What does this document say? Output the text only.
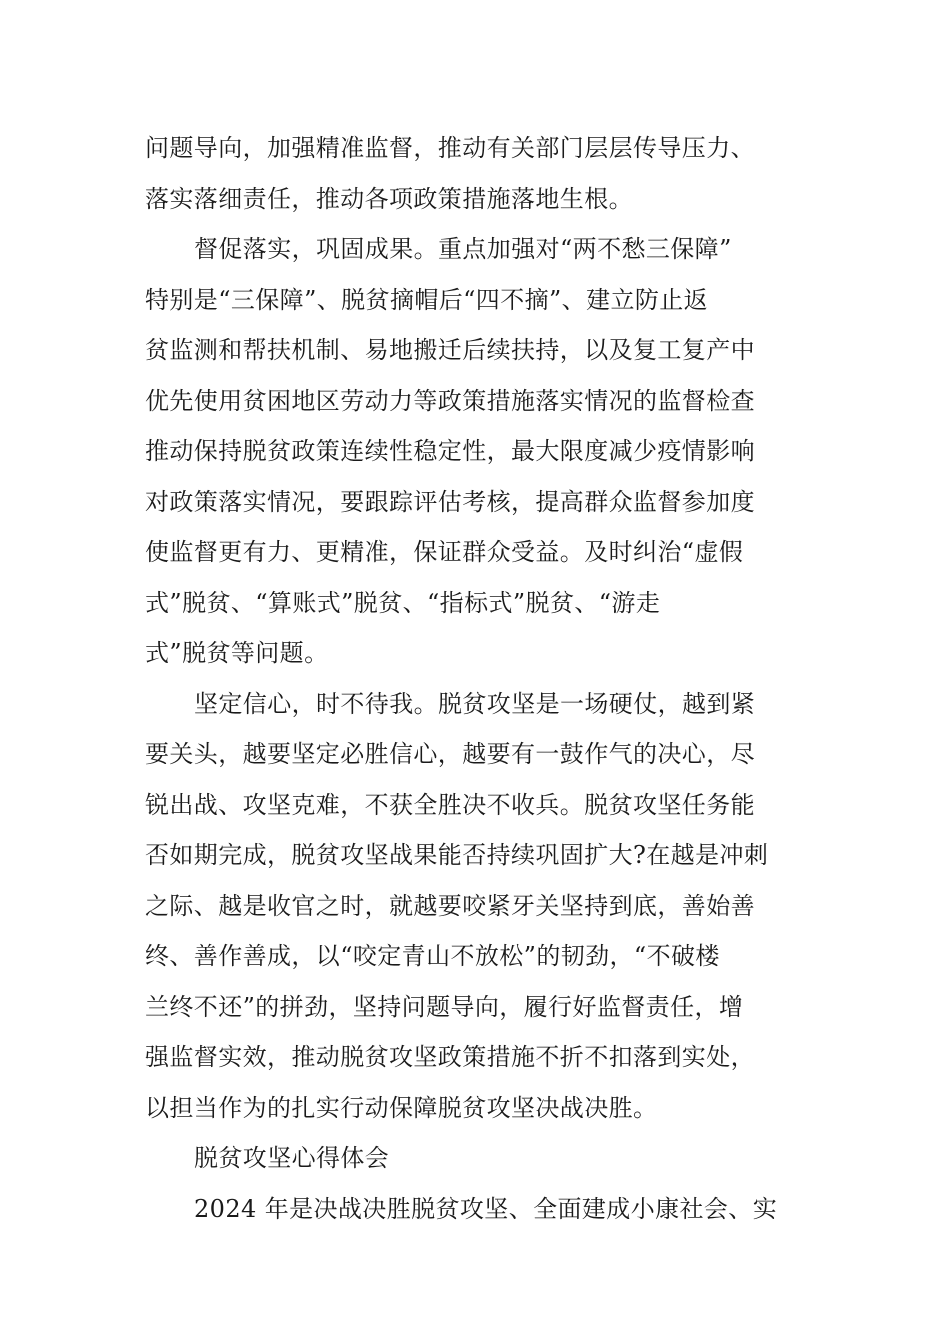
问题导向，加强精准监督，推动有关部门层层传导压力、
落实落细责任，推动各项政策措施落地生根。
督促落实，巩固成果。重点加强对“两不愁三保障”
特别是“三保障”、脱贫摘帽后“四不摘”、建立防止返
贫监测和帮扶机制、易地搬迁后续扶持，以及复工复产中
优先使用贫困地区劳动力等政策措施落实情况的监督检查
推动保持脱贫政策连续性稳定性，最大限度减少疫情影响
对政策落实情况，要跟踪评估考核，提高群众监督参加度
使监督更有力、更精准，保证群众受益。及时纠治“虚假
式”脱贫、“算账式”脱贫、“指标式”脱贫、“游走
式”脱贫等问题。
坚定信心，时不待我。脱贫攻坚是一场硬仗，越到紧
要关头，越要坚定必胜信心，越要有一鼓作气的决心，尽
锐出战、攻坚克难，不获全胜决不收兵。脱贫攻坚任务能
否如期完成，脱贫攻坚战果能否持续巩固扩大?在越是冲刺
之际、越是收官之时，就越要咬紧牙关坚持到底，善始善
终、善作善成，以“咬定青山不放松”的韧劲，“不破楼
兰终不还”的拼劲，坚持问题导向，履行好监督责任，增
强监督实效，推动脱贫攻坚政策措施不折不扣落到实处，
以担当作为的扎实行动保障脱贫攻坚决战决胜。
脱贫攻坚心得体会
2024 年是决战决胜脱贫攻坚、全面建成小康社会、实
